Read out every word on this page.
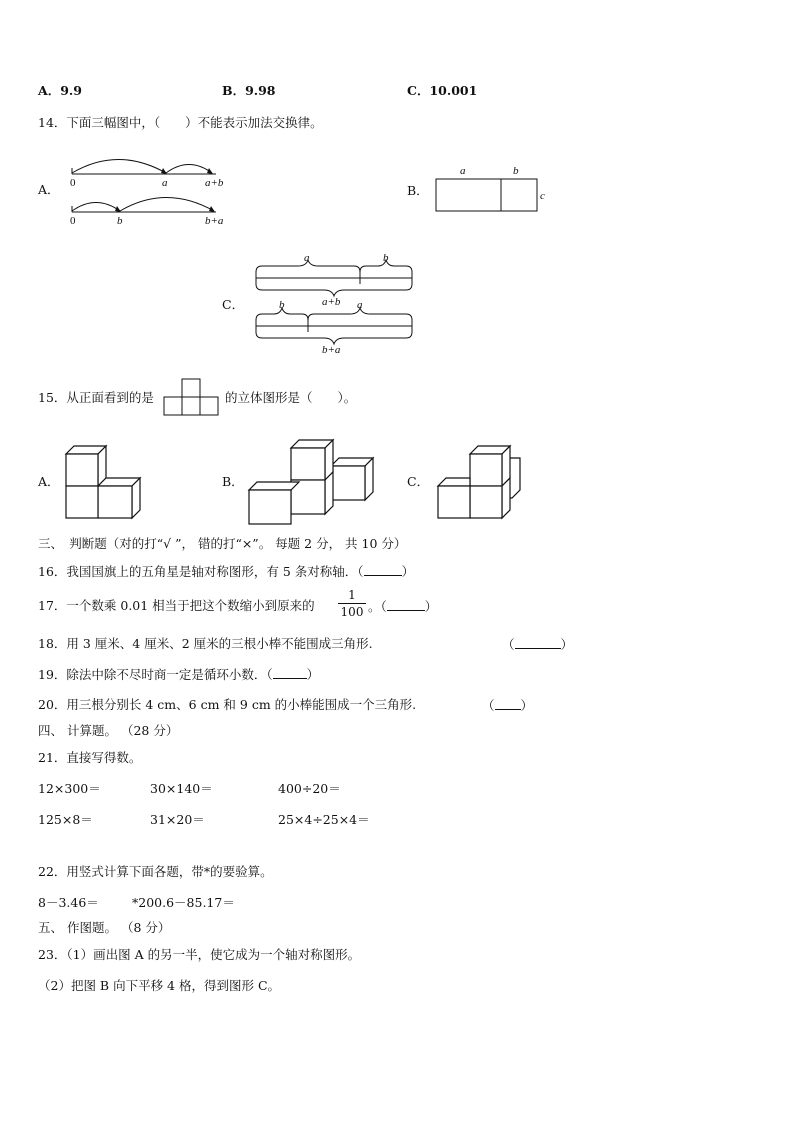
A．9.9	B．9.98	C．10.001
14．下面三幅图中，（　　）不能表示加法交换律。
A． 0	a	a+b
0	b	b+a
B．
a	b
c
C．
a	b
a+b
b	a
b+a
15．从正面看到的是	的立体图形是（　　）。
A．	B．	C．
三、　判断题（对的打“√ ”， 错的打“×”。 每题 2 分， 共 10 分）
16．我国国旗上的五角星是轴对称图形，有 5 条对称轴．（	）
17．一个数乘 0.01 相当于把这个数缩小到原来的
1
100 。（	）
18．用 3 厘米、4 厘米、2 厘米的三根小棒不能围成三角形.	（	）
19．除法中除不尽时商一定是循环小数．（	）
20．用三根分别长 4 cm、6 cm 和 9 cm 的小棒能围成一个三角形.	（ ）
四、 计算题。 （28 分）
21．直接写得数。
12×300＝	30×140＝	400÷20＝
125×8＝	31×20＝	25×4÷25×4＝
22．用竖式计算下面各题，带*的要验算。
8－3.46＝	*200.6－85.17＝
五、 作图题。 （8 分）
23．（1）画出图 A 的另一半，使它成为一个轴对称图形。
（2）把图 B 向下平移 4 格，得到图形 C。
